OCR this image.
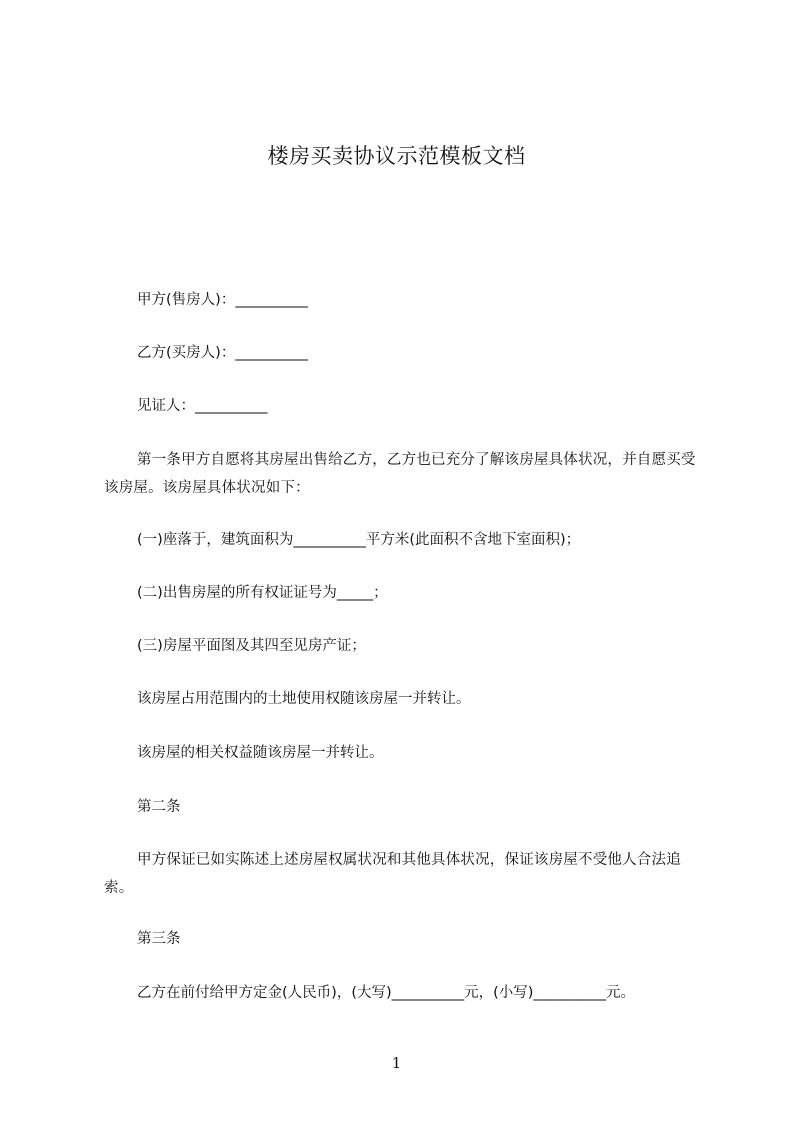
楼房买卖协议示范模板文档
甲方(售房人)：__________
乙方(买房人)：__________
见证人：__________
第一条甲方自愿将其房屋出售给乙方，乙方也已充分了解该房屋具体状况，并自愿买受该房屋。该房屋具体状况如下：
(一)座落于，建筑面积为__________平方米(此面积不含地下室面积)；
(二)出售房屋的所有权证证号为_____；
(三)房屋平面图及其四至见房产证；
该房屋占用范围内的土地使用权随该房屋一并转让。
该房屋的相关权益随该房屋一并转让。
第二条
甲方保证已如实陈述上述房屋权属状况和其他具体状况，保证该房屋不受他人合法追索。
第三条
乙方在前付给甲方定金(人民币)，(大写)__________元，(小写)__________元。
1
